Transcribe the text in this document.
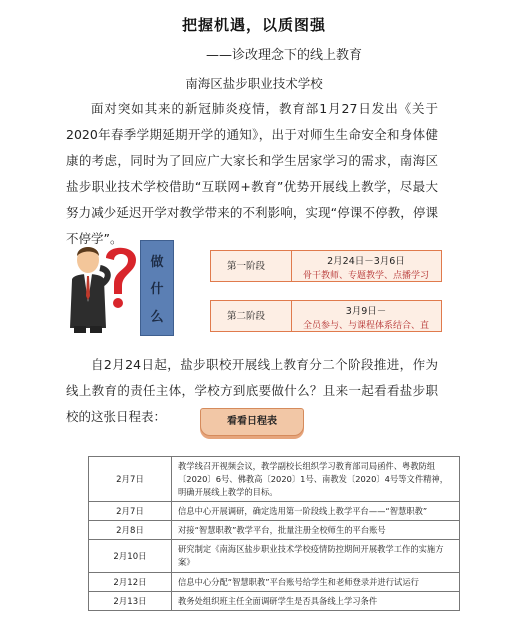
把握机遇，以质图强
——诊改理念下的线上教育
南海区盐步职业技术学校

面对突如其来的新冠肺炎疫情，教育部1月27日发出《关于2020年春季学期延期开学的通知》，出于对师生生命安全和身体健康的考虑，同时为了回应广大家长和学生居家学习的需求，南海区盐步职业技术学校借助“互联网+教育”优势开展线上教学，尽最大努力减少延迟开学对教学带来的不利影响，实现“停课不停教，停课不停学”。

做
什
么
第一阶段	2月24日－3月6日
骨干教师、专题教学、点播学习
第二阶段	3月9日－
全员参与、与课程体系结合、直

自2月24日起，盐步职校开展线上教育分二个阶段推进，作为线上教育的责任主体，学校方到底要做什么？且来一起看看盐步职校的这张日程表：	看看日程表
2月7日	教学线召开视频会议，教学副校长组织学习教育部司局函件、粤教防组〔2020〕6号、佛教高〔2020〕1号、南教发〔2020〕4号等文件精神，明确开展线上教学的目标。
2月7日	信息中心开展调研，确定选用第一阶段线上教学平台——“智慧职教”
2月8日	对接“智慧职教”教学平台，批量注册全校师生的平台账号
2月10日	研究制定《南海区盐步职业技术学校疫情防控期间开展教学工作的实施方案》
2月12日	信息中心分配“智慧职教”平台账号给学生和老师登录并进行试运行
2月13日	教务处组织班主任全面调研学生是否具备线上学习条件
